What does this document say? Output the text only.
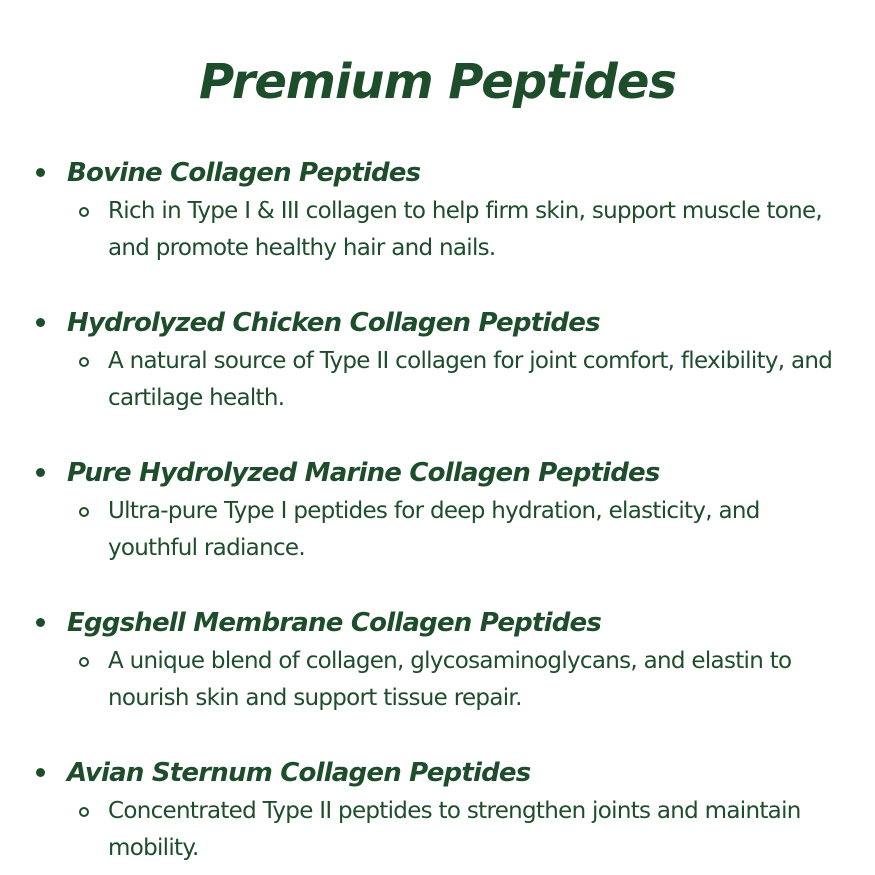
Premium Peptides
Bovine Collagen Peptides
Rich in Type I & III collagen to help firm skin, support muscle tone, and promote healthy hair and nails.
Hydrolyzed Chicken Collagen Peptides
A natural source of Type II collagen for joint comfort, flexibility, and cartilage health.
Pure Hydrolyzed Marine Collagen Peptides
Ultra-pure Type I peptides for deep hydration, elasticity, and youthful radiance.
Eggshell Membrane Collagen Peptides
A unique blend of collagen, glycosaminoglycans, and elastin to nourish skin and support tissue repair.
Avian Sternum Collagen Peptides
Concentrated Type II peptides to strengthen joints and maintain mobility.
